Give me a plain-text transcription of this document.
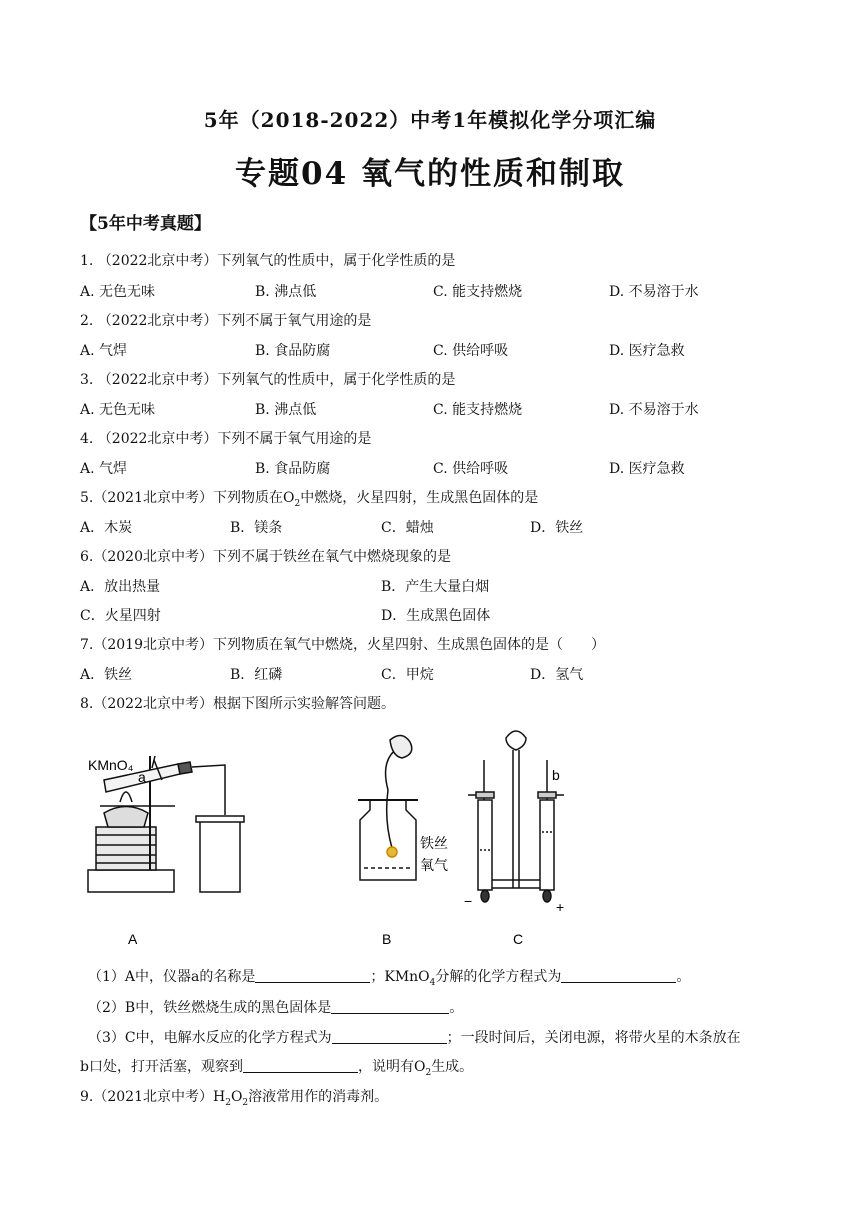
5年（2018-2022）中考1年模拟化学分项汇编
专题04 氧气的性质和制取
【5年中考真题】
1. （2022北京中考）下列氧气的性质中，属于化学性质的是
A. 无色无味	B. 沸点低	C. 能支持燃烧	D. 不易溶于水
2. （2022北京中考）下列不属于氧气用途的是
A. 气焊	B. 食品防腐	C. 供给呼吸	D. 医疗急救
3. （2022北京中考）下列氧气的性质中，属于化学性质的是
A. 无色无味	B. 沸点低	C. 能支持燃烧	D. 不易溶于水
4. （2022北京中考）下列不属于氧气用途的是
A. 气焊	B. 食品防腐	C. 供给呼吸	D. 医疗急救
5.（2021北京中考）下列物质在$O_2$中燃烧，火星四射，生成黑色固体的是
A．木炭	B．镁条	C．蜡烛	D．铁丝
6.（2020北京中考）下列不属于铁丝在氧气中燃烧现象的是
A．放出热量	B．产生大量白烟
C．火星四射	D．生成黑色固体
7.（2019北京中考）下列物质在氧气中燃烧，火星四射、生成黑色固体的是（　　）
A．铁丝	B．红磷	C．甲烷	D．氢气
8.（2022北京中考）根据下图所示实验解答问题。
KMnO₄
a
铁丝
氧气
b
−	+
A	B	C
（1）A中，仪器a的名称是	；KMnO$_4$分解的化学方程式为	。
（2）B中，铁丝燃烧生成的黑色固体是	。
（3）C中，电解水反应的化学方程式为	；一段时间后，关闭电源，将带火星的木条放在
b口处，打开活塞，观察到	，说明有$O_2$生成。
9.（2021北京中考）$H_2O_2$溶液常用作的消毒剂。
